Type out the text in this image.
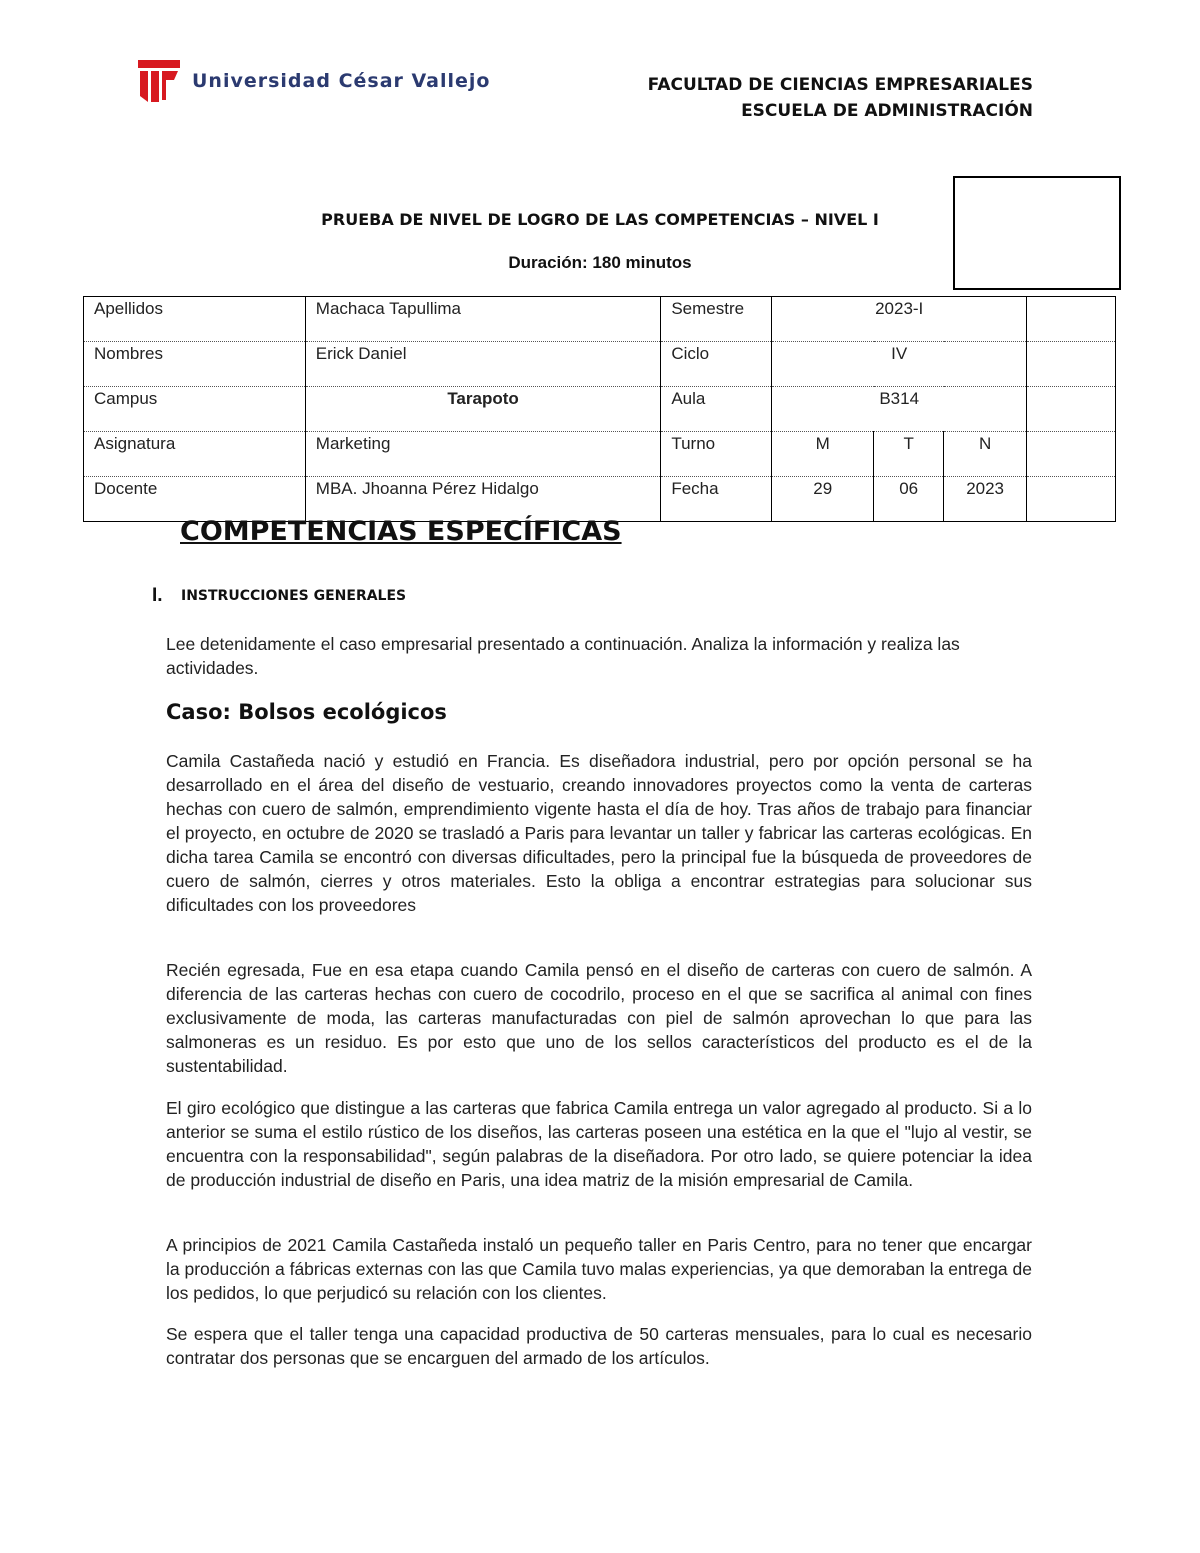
Universidad César Vallejo	FACULTAD DE CIENCIAS EMPRESARIALES
ESCUELA DE ADMINISTRACIÓN
PRUEBA DE NIVEL DE LOGRO DE LAS COMPETENCIAS – NIVEL I
Duración: 180 minutos
Apellidos	Machaca Tapullima	Semestre	2023-I			
Nombres	Erick Daniel	Ciclo	IV			
Campus	Tarapoto	Aula	B314			
Asignatura	Marketing	Turno	M	T	N	
Docente	MBA. Jhoanna Pérez Hidalgo	Fecha	29	06	2023	
COMPETENCIAS ESPECÍFICAS
I. INSTRUCCIONES GENERALES

Lee detenidamente el caso empresarial presentado a continuación. Analiza la información y realiza las actividades.

Caso: Bolsos ecológicos

Camila Castañeda nació y estudió en Francia. Es diseñadora industrial, pero por opción personal se ha desarrollado en el área del diseño de vestuario, creando innovadores proyectos como la venta de carteras hechas con cuero de salmón, emprendimiento vigente hasta el día de hoy. Tras años de trabajo para financiar el proyecto, en octubre de 2020 se trasladó a Paris para levantar un taller y fabricar las carteras ecológicas. En dicha tarea Camila se encontró con diversas dificultades, pero la principal fue la búsqueda de proveedores de cuero de salmón, cierres y otros materiales. Esto la obliga a encontrar estrategias para solucionar sus dificultades con los proveedores

Recién egresada, Fue en esa etapa cuando Camila pensó en el diseño de carteras con cuero de salmón. A diferencia de las carteras hechas con cuero de cocodrilo, proceso en el que se sacrifica al animal con fines exclusivamente de moda, las carteras manufacturadas con piel de salmón aprovechan lo que para las salmoneras es un residuo. Es por esto que uno de los sellos característicos del producto es el de la sustentabilidad.

El giro ecológico que distingue a las carteras que fabrica Camila entrega un valor agregado al producto. Si a lo anterior se suma el estilo rústico de los diseños, las carteras poseen una estética en la que el "lujo al vestir, se encuentra con la responsabilidad", según palabras de la diseñadora. Por otro lado, se quiere potenciar la idea de producción industrial de diseño en Paris, una idea matriz de la misión empresarial de Camila.

A principios de 2021 Camila Castañeda instaló un pequeño taller en Paris Centro, para no tener que encargar la producción a fábricas externas con las que Camila tuvo malas experiencias, ya que demoraban la entrega de los pedidos, lo que perjudicó su relación con los clientes.

Se espera que el taller tenga una capacidad productiva de 50 carteras mensuales, para lo cual es necesario contratar dos personas que se encarguen del armado de los artículos.
